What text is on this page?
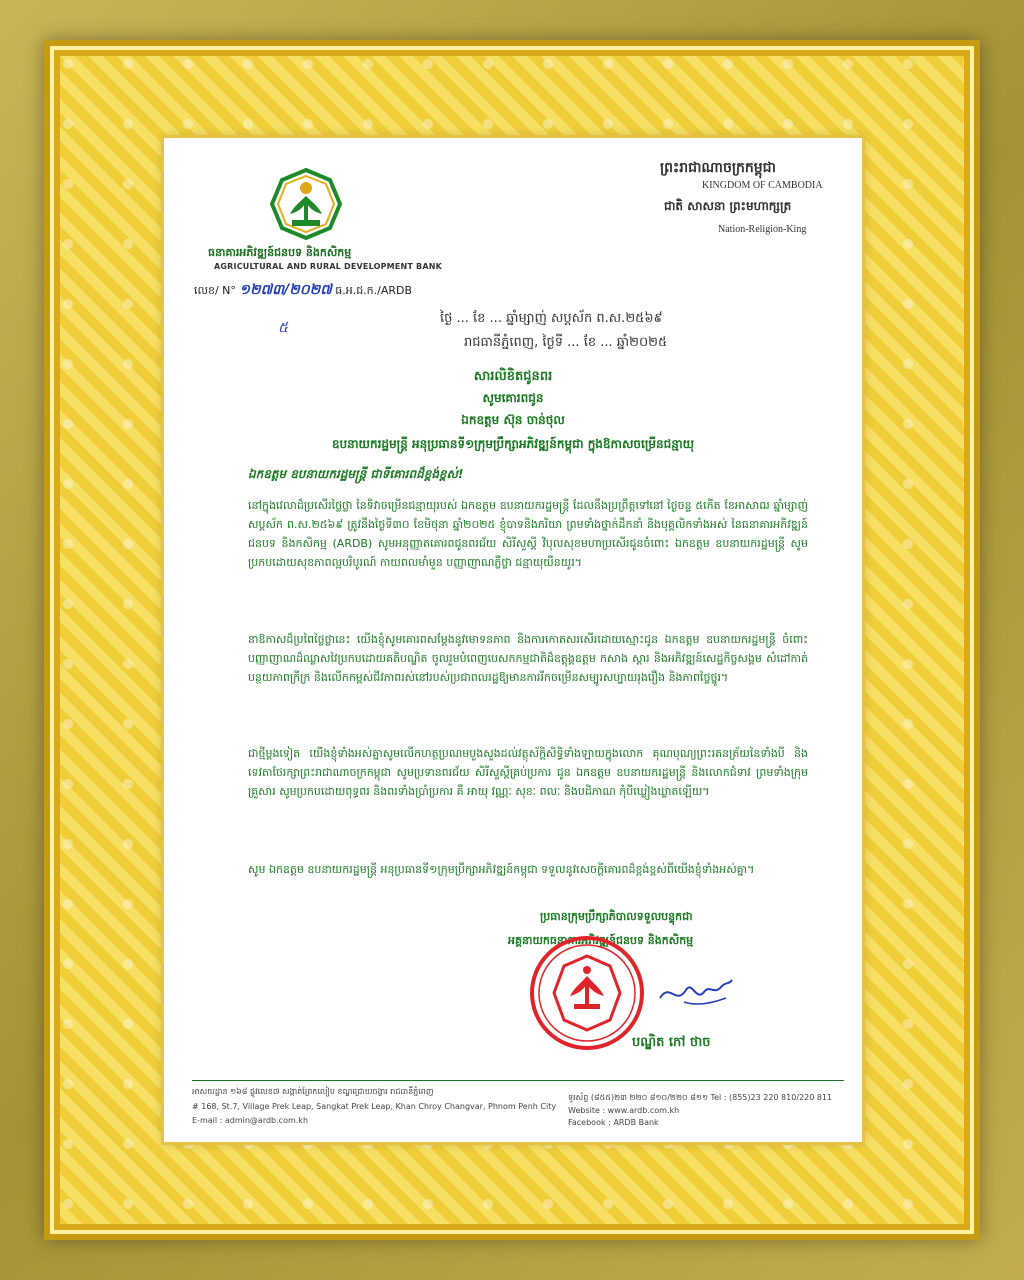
ធនាគារអភិវឌ្ឍន៍ជនបទ និងកសិកម្ម
AGRICULTURAL AND RURAL DEVELOPMENT BANK
លេខ/ N° ១២៧៣/២០២៧ ធ.អ.ជ.ក./ARDB
៥
ព្រះរាជាណាចក្រកម្ពុជា
KINGDOM OF CAMBODIA
ជាតិ សាសនា ព្រះមហាក្សត្រ
Nation-Religion-King
ថ្ងៃ ... ខែ ... ឆ្នាំម្សាញ់ សប្តស័ក ព.ស.២៥៦៩
រាជធានីភ្នំពេញ, ថ្ងៃទី ... ខែ ... ឆ្នាំ២០២៥
សារលិខិតជូនពរ
សូមគោរពជូន
ឯកឧត្តម ស៊ុន ចាន់ថុល
ឧបនាយករដ្ឋមន្ត្រី អនុប្រធានទី១ក្រុមប្រឹក្សាអភិវឌ្ឍន៍កម្ពុជា ក្នុងឱកាសចម្រើនជន្មាយុ
ឯកឧត្តម ឧបនាយករដ្ឋមន្ត្រី ជាទីគោរពដ៏ខ្ពង់ខ្ពស់!
នៅក្នុងវេលាដ៏ប្រសើរថ្លៃថ្លា នៃទិវាចម្រើនជន្មាយុរបស់ ឯកឧត្តម ឧបនាយករដ្ឋមន្ត្រី ដែលនឹងប្រព្រឹត្តទៅនៅ ថ្ងៃចន្ទ ៥កើត ខែអាសាឍ ឆ្នាំម្សាញ់ សប្តស័ក ព.ស.២៥៦៩ ត្រូវនឹងថ្ងៃទី៣០ ខែមិថុនា ឆ្នាំ២០២៥ ខ្ញុំបាទនិងភរិយា ព្រមទាំងថ្នាក់ដឹកនាំ និងបុគ្គលិកទាំងអស់ នៃធនាគារអភិវឌ្ឍន៍ជនបទ និងកសិកម្ម (ARDB) សូមអនុញ្ញាតគោរពជូនពរជ័យ សិរីសួស្តី វិបុលសុខមហាប្រសើរជូនចំពោះ ឯកឧត្តម ឧបនាយករដ្ឋមន្ត្រី សូមប្រកបដោយសុខភាពល្អបរិបូរណ៍ កាយពលមាំមួន បញ្ញាញាណភ្លឺថ្លា ជន្មាយុយឺនយូរ។
នាឱកាសដ៏ប្រពៃថ្លៃថ្លានេះ យើងខ្ញុំសូមគោរពសម្តែងនូវមោទនភាព និងការកោតសរសើរដោយស្មោះជូន ឯកឧត្តម ឧបនាយករដ្ឋមន្ត្រី ចំពោះបញ្ញាញាណដ៏ឈ្លាសវៃប្រកបដោយគតិបណ្ឌិត ចូលរួមបំពេញបេសកកម្មជាតិដ៏ឧត្តុង្គឧត្តម កសាង ស្តារ និងអភិវឌ្ឍន៍សេដ្ឋកិច្ចសង្គម សំដៅកាត់បន្ថយភាពក្រីក្រ និងលើកកម្ពស់ជីវភាពរស់នៅរបស់ប្រជាពលរដ្ឋឱ្យមានការរីកចម្រើនសម្បូរសប្បាយរុងរឿង និងភាពថ្លៃថ្នូរ។
ជាថ្មីម្តងទៀត យើងខ្ញុំទាំងអស់គ្នាសូមលើកហត្ថប្រណមបួងសួងដល់វត្ថុស័ក្តិសិទ្ធិទាំងឡាយក្នុងលោក គុណបុណ្យព្រះរតនត្រ័យនៃទាំងបី និងទេវតាថែរក្សាព្រះរាជាណាចក្រកម្ពុជា សូមប្រទានពរជ័យ សិរីសួស្តីគ្រប់ប្រការ ជូន ឯកឧត្តម ឧបនាយករដ្ឋមន្ត្រី និងលោកជំទាវ ព្រមទាំងក្រុមគ្រួសារ សូមប្រកបដោយពុទ្ធពរ និងពរទាំងប្រាំប្រការ គឺ អាយុ វណ្ណៈ សុខៈ ពលៈ និងបដិភាណ កុំបីឃ្លៀងឃ្លាតឡើយ។
សូម ឯកឧត្តម ឧបនាយករដ្ឋមន្ត្រី អនុប្រធានទី១ក្រុមប្រឹក្សាអភិវឌ្ឍន៍កម្ពុជា ទទួលនូវសេចក្តីគោរពដ៏ខ្ពង់ខ្ពស់ពីយើងខ្ញុំទាំងអស់គ្នា។
ប្រធានក្រុមប្រឹក្សាភិបាលទទួលបន្ទុកជា
អគ្គនាយកធនាគារអភិវឌ្ឍន៍ជនបទ និងកសិកម្ម
បណ្ឌិត កៅ ថាច
អាសយដ្ឋាន ១៦៨ ផ្លូវលេខ៧ សង្កាត់ព្រែកលៀប ខណ្ឌជ្រោយចង្វារ រាជធានីភ្នំពេញ
# 168, St.7, Village Prek Leap, Sangkat Prek Leap, Khan Chroy Changvar, Phnom Penh City
E-mail : admin@ardb.com.kh
ទូរស័ព្ទ (៨៥៥)២៣ ២២០ ៨១០/២២០ ៨១១ Tel : (855)23 220 810/220 811
Website : www.ardb.com.kh
Facebook : ARDB Bank
